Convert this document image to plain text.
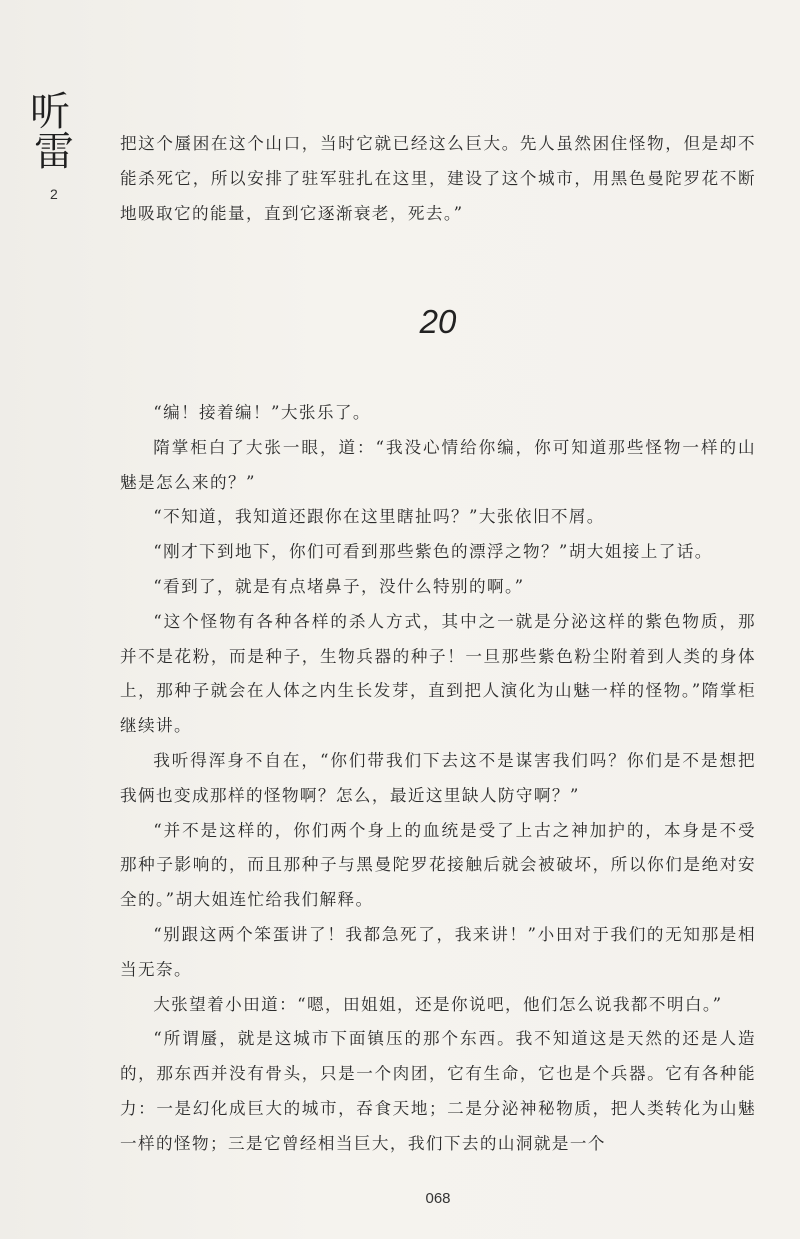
听
雷
2

把这个蜃困在这个山口，当时它就已经这么巨大。先人虽然困住怪物，但是却不能杀死它，所以安排了驻军驻扎在这里，建设了这个城市，用黑色曼陀罗花不断地吸取它的能量，直到它逐渐衰老，死去。”

20

“编！接着编！”大张乐了。

隋掌柜白了大张一眼，道：“我没心情给你编，你可知道那些怪物一样的山魅是怎么来的？”

“不知道，我知道还跟你在这里瞎扯吗？”大张依旧不屑。

“刚才下到地下，你们可看到那些紫色的漂浮之物？”胡大姐接上了话。

“看到了，就是有点堵鼻子，没什么特别的啊。”

“这个怪物有各种各样的杀人方式，其中之一就是分泌这样的紫色物质，那并不是花粉，而是种子，生物兵器的种子！一旦那些紫色粉尘附着到人类的身体上，那种子就会在人体之内生长发芽，直到把人演化为山魅一样的怪物。”隋掌柜继续讲。

我听得浑身不自在，“你们带我们下去这不是谋害我们吗？你们是不是想把我俩也变成那样的怪物啊？怎么，最近这里缺人防守啊？”

“并不是这样的，你们两个身上的血统是受了上古之神加护的，本身是不受那种子影响的，而且那种子与黑曼陀罗花接触后就会被破坏，所以你们是绝对安全的。”胡大姐连忙给我们解释。

“别跟这两个笨蛋讲了！我都急死了，我来讲！”小田对于我们的无知那是相当无奈。

大张望着小田道：“嗯，田姐姐，还是你说吧，他们怎么说我都不明白。”

“所谓蜃，就是这城市下面镇压的那个东西。我不知道这是天然的还是人造的，那东西并没有骨头，只是一个肉团，它有生命，它也是个兵器。它有各种能力：一是幻化成巨大的城市，吞食天地；二是分泌神秘物质，把人类转化为山魅一样的怪物；三是它曾经相当巨大，我们下去的山洞就是一个

068
